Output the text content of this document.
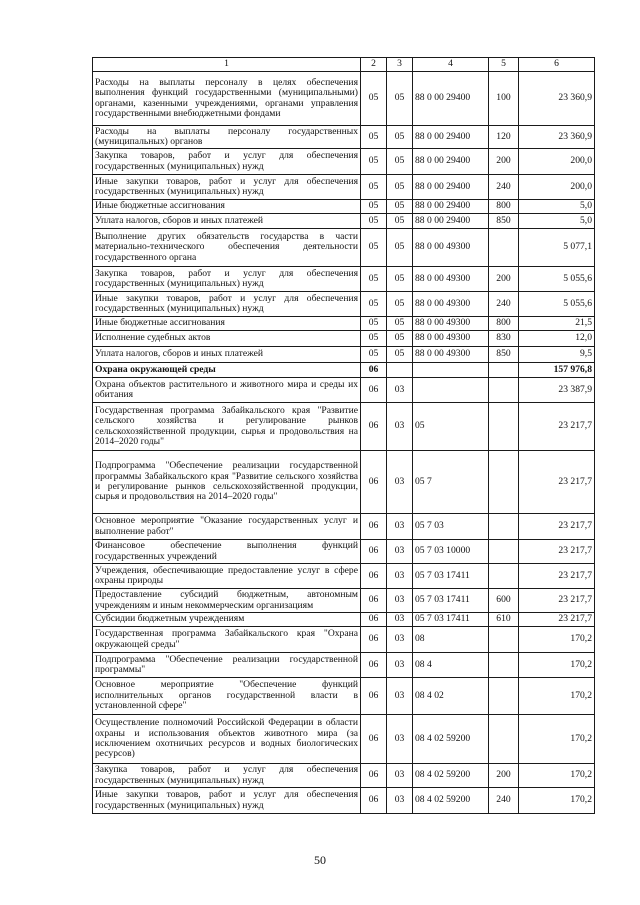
1	2	3	4	5	6
Расходы на выплаты персоналу в целях обеспечения выполнения функций государственными (муниципальными) органами, казенными учреждениями, органами управления государственными внебюджетными фондами	05	05	88 0 00 29400	100	23 360,9
Расходы на выплаты персоналу государственных (муниципальных) органов	05	05	88 0 00 29400	120	23 360,9
Закупка товаров, работ и услуг для обеспечения государственных (муниципальных) нужд	05	05	88 0 00 29400	200	200,0
Иные закупки товаров, работ и услуг для обеспечения государственных (муниципальных) нужд	05	05	88 0 00 29400	240	200,0
Иные бюджетные ассигнования	05	05	88 0 00 29400	800	5,0
Уплата налогов, сборов и иных платежей	05	05	88 0 00 29400	850	5,0
Выполнение других обязательств государства в части материально-технического обеспечения деятельности государственного органа	05	05	88 0 00 49300		5 077,1
Закупка товаров, работ и услуг для обеспечения государственных (муниципальных) нужд	05	05	88 0 00 49300	200	5 055,6
Иные закупки товаров, работ и услуг для обеспечения государственных (муниципальных) нужд	05	05	88 0 00 49300	240	5 055,6
Иные бюджетные ассигнования	05	05	88 0 00 49300	800	21,5
Исполнение судебных актов	05	05	88 0 00 49300	830	12,0
Уплата налогов, сборов и иных платежей	05	05	88 0 00 49300	850	9,5
Охрана окружающей среды	06				157 976,8
Охрана объектов растительного и животного мира и среды их обитания	06	03			23 387,9
Государственная программа Забайкальского края "Развитие сельского хозяйства и регулирование рынков сельскохозяйственной продукции, сырья и продовольствия на 2014–2020 годы"	06	03	05		23 217,7
Подпрограмма "Обеспечение реализации государственной программы Забайкальского края "Развитие сельского хозяйства и регулирование рынков сельскохозяйственной продукции, сырья и продовольствия на 2014–2020 годы"	06	03	05 7		23 217,7
Основное мероприятие "Оказание государственных услуг и выполнение работ"	06	03	05 7 03		23 217,7
Финансовое обеспечение выполнения функций государственных учреждений	06	03	05 7 03 10000		23 217,7
Учреждения, обеспечивающие предоставление услуг в сфере охраны природы	06	03	05 7 03 17411		23 217,7
Предоставление субсидий бюджетным, автономным учреждениям и иным некоммерческим организациям	06	03	05 7 03 17411	600	23 217,7
Субсидии бюджетным учреждениям	06	03	05 7 03 17411	610	23 217,7
Государственная программа Забайкальского края "Охрана окружающей среды"	06	03	08		170,2
Подпрограмма "Обеспечение реализации государственной программы"	06	03	08 4		170,2
Основное мероприятие "Обеспечение функций исполнительных органов государственной власти в установленной сфере"	06	03	08 4 02		170,2
Осуществление полномочий Российской Федерации в области охраны и использования объектов животного мира (за исключением охотничьих ресурсов и водных биологических ресурсов)	06	03	08 4 02 59200		170,2
Закупка товаров, работ и услуг для обеспечения государственных (муниципальных) нужд	06	03	08 4 02 59200	200	170,2
Иные закупки товаров, работ и услуг для обеспечения государственных (муниципальных) нужд	06	03	08 4 02 59200	240	170,2
50
